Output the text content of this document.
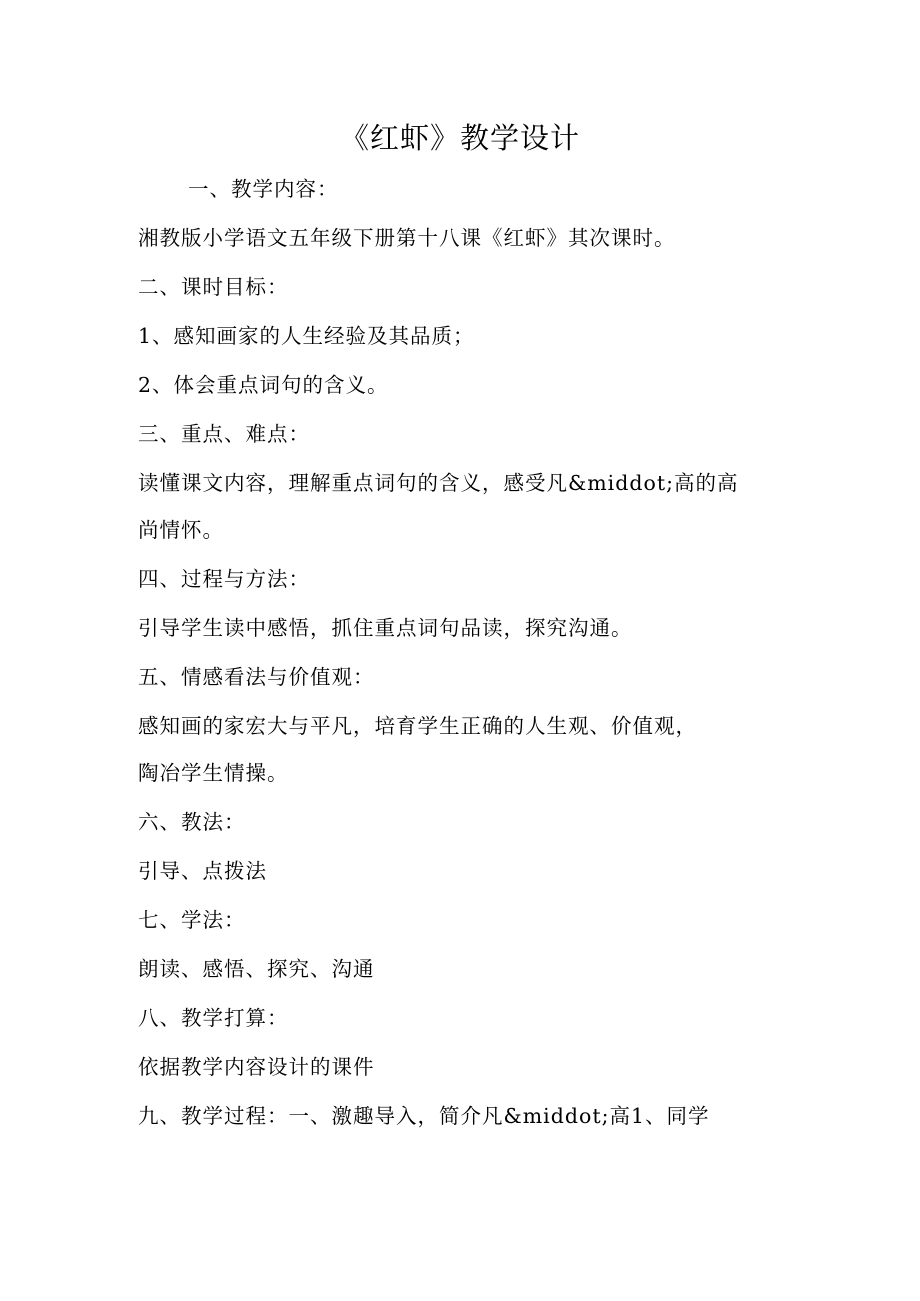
《红虾》教学设计
一、教学内容：
湘教版小学语文五年级下册第十八课《红虾》其次课时。
二、课时目标：
1、感知画家的人生经验及其品质；
2、体会重点词句的含义。
三、重点、难点：
读懂课文内容，理解重点词句的含义，感受凡&middot;高的高
尚情怀。
四、过程与方法：
引导学生读中感悟，抓住重点词句品读，探究沟通。
五、情感看法与价值观：
感知画的家宏大与平凡，培育学生正确的人生观、价值观，
陶冶学生情操。
六、教法：
引导、点拨法
七、学法：
朗读、感悟、探究、沟通
八、教学打算：
依据教学内容设计的课件
九、教学过程：一、激趣导入，简介凡&middot;高1、同学
